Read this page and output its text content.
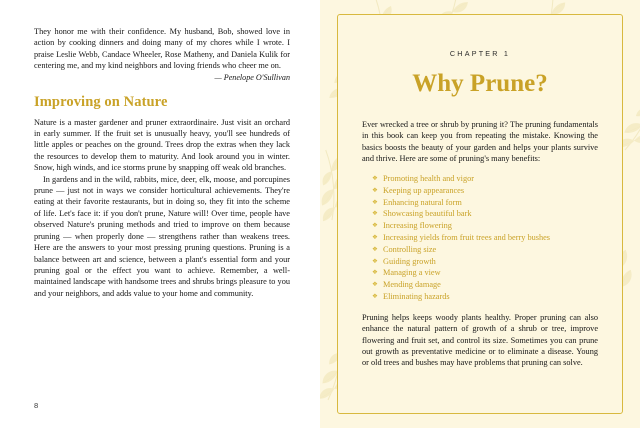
They honor me with their confidence. My husband, Bob, showed love in action by cooking dinners and doing many of my chores while I wrote. I praise Leslie Webb, Candace Wheeler, Rose Matheny, and Daniela Kulik for centering me, and my kind neighbors and loving friends who cheer me on.

— Penelope O'Sullivan
Improving on Nature

Nature is a master gardener and pruner extraordinaire. Just visit an orchard in early summer. If the fruit set is unusually heavy, you'll see hundreds of little apples or peaches on the ground. Trees drop the extras when they lack the resources to develop them to maturity. And look around you in winter. Snow, high winds, and ice storms prune by snapping off weak old branches.

In gardens and in the wild, rabbits, mice, deer, elk, moose, and porcupines prune — just not in ways we consider horticultural achievements. They're eating at their favorite restaurants, but in doing so, they fit into the scheme of life. Let's face it: if you don't prune, Nature will! Over time, people have observed Nature's pruning methods and tried to improve on them because pruning — when properly done — strengthens rather than weakens trees. Here are the answers to your most pressing pruning questions. Pruning is a balance between art and science, between a plant's essential form and your pruning goal or the effect you want to achieve. Remember, a well-maintained landscape with handsome trees and shrubs brings pleasure to you and your neighbors, and adds value to your home and community.

8
CHAPTER 1
Why Prune?

Ever wrecked a tree or shrub by pruning it? The pruning fundamentals in this book can keep you from repeating the mistake. Knowing the basics boosts the beauty of your garden and helps your plants survive and thrive. Here are some of pruning's many benefits:

❖ Promoting health and vigor
❖ Keeping up appearances
❖ Enhancing natural form
❖ Showcasing beautiful bark
❖ Increasing flowering
❖ Increasing yields from fruit trees and berry bushes
❖ Controlling size
❖ Guiding growth
❖ Managing a view
❖ Mending damage
❖ Eliminating hazards

Pruning helps keeps woody plants healthy. Proper pruning can also enhance the natural pattern of growth of a shrub or tree, improve flowering and fruit set, and control its size. Sometimes you can prune out growth as preventative medicine or to eliminate a disease. Young or old trees and bushes may have problems that pruning can solve.
